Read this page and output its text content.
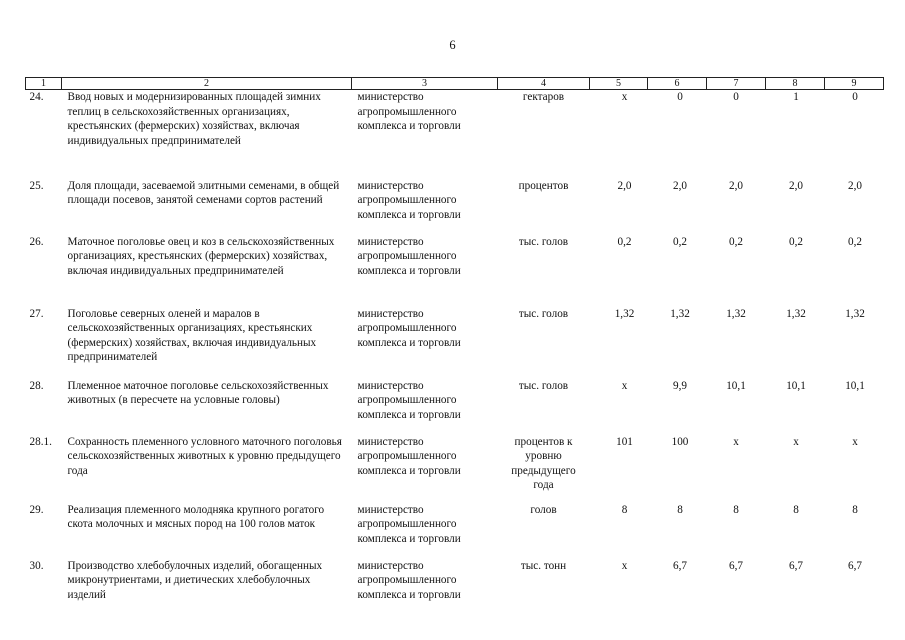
6
1	2	3	4	5	6	7	8	9
24.	Ввод новых и модернизированных площадей зимних теплиц в сельскохозяйственных организациях, крестьянских (фермерских) хозяйствах, включая индивидуальных предпринимателей	министерство агропромышленного комплекса и торговли	гектаров	х	0	0	1	0
25.	Доля площади, засеваемой элитными семенами, в общей площади посевов, занятой семенами сортов растений	министерство агропромышленного комплекса и торговли	процентов	2,0	2,0	2,0	2,0	2,0
26.	Маточное поголовье овец и коз в сельскохозяйственных организациях, крестьянских (фермерских) хозяйствах, включая индивидуальных предпринимателей	министерство агропромышленного комплекса и торговли	тыс. голов	0,2	0,2	0,2	0,2	0,2
27.	Поголовье северных оленей и маралов в сельскохозяйственных организациях, крестьянских (фермерских) хозяйствах, включая индивидуальных предпринимателей	министерство агропромышленного комплекса и торговли	тыс. голов	1,32	1,32	1,32	1,32	1,32
28.	Племенное маточное поголовье сельскохозяйственных животных (в пересчете на условные головы)	министерство агропромышленного комплекса и торговли	тыс. голов	х	9,9	10,1	10,1	10,1
28.1.	Сохранность племенного условного маточного поголовья сельскохозяйственных животных к уровню предыдущего года	министерство агропромышленного комплекса и торговли	процентов к уровню предыдущего года	101	100	х	х	х
29.	Реализация племенного молодняка крупного рогатого скота молочных и мясных пород на 100 голов маток	министерство агропромышленного комплекса и торговли	голов	8	8	8	8	8
30.	Производство хлебобулочных изделий, обогащенных микронутриентами, и диетических хлебобулочных изделий	министерство агропромышленного комплекса и торговли	тыс. тонн	х	6,7	6,7	6,7	6,7
